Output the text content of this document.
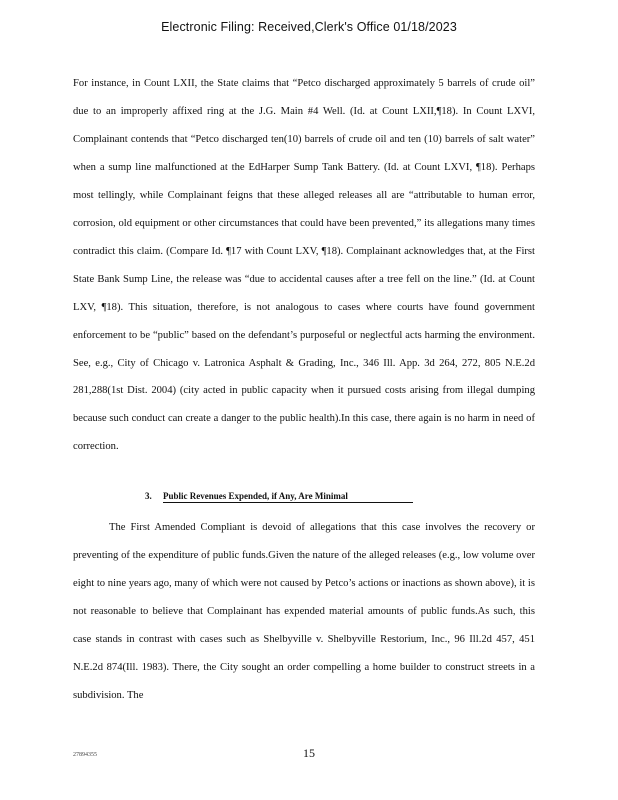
Electronic Filing: Received,Clerk's Office 01/18/2023

For instance, in Count LXII, the State claims that “Petco discharged approximately 5 barrels of crude oil” due to an improperly affixed ring at the J.G. Main #4 Well. (Id. at Count LXII,¶18). In Count LXVI, Complainant contends that “Petco discharged ten(10) barrels of crude oil and ten (10) barrels of salt water” when a sump line malfunctioned at the EdHarper Sump Tank Battery. (Id. at Count LXVI, ¶18). Perhaps most tellingly, while Complainant feigns that these alleged releases all are “attributable to human error, corrosion, old equipment or other circumstances that could have been prevented,” its allegations many times contradict this claim. (Compare Id. ¶17 with Count LXV, ¶18). Complainant acknowledges that, at the First State Bank Sump Line, the release was “due to accidental causes after a tree fell on the line.” (Id. at Count LXV, ¶18). This situation, therefore, is not analogous to cases where courts have found government enforcement to be “public” based on the defendant’s purposeful or neglectful acts harming the environment. See, e.g., City of Chicago v. Latronica Asphalt & Grading, Inc., 346 Ill. App. 3d 264, 272, 805 N.E.2d 281,288(1st Dist. 2004) (city acted in public capacity when it pursued costs arising from illegal dumping because such conduct can create a danger to the public health).In this case, there again is no harm in need of correction.

3. Public Revenues Expended, if Any, Are Minimal

The First Amended Compliant is devoid of allegations that this case involves the recovery or preventing of the expenditure of public funds.Given the nature of the alleged releases (e.g., low volume over eight to nine years ago, many of which were not caused by Petco’s actions or inactions as shown above), it is not reasonable to believe that Complainant has expended material amounts of public funds.As such, this case stands in contrast with cases such as Shelbyville v. Shelbyville Restorium, Inc., 96 Ill.2d 457, 451 N.E.2d 874(Ill. 1983). There, the City sought an order compelling a home builder to construct streets in a subdivision. The

27894355	15
